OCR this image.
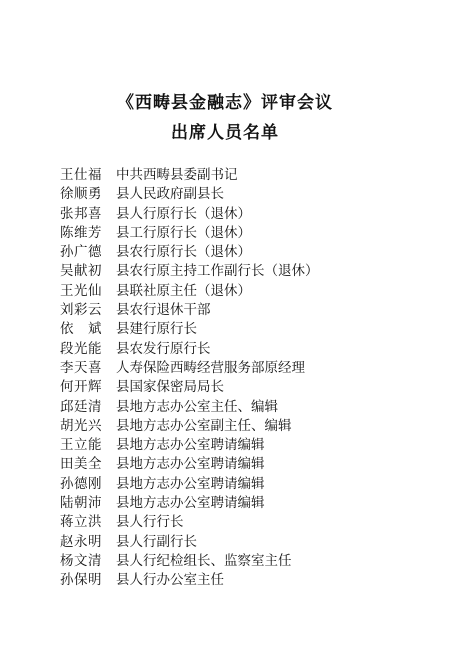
《西畴县金融志》评审会议
出席人员名单
王仕福	中共西畴县委副书记
徐顺勇	县人民政府副县长
张邦喜	县人行原行长（退休）
陈维芳	县工行原行长（退休）
孙广德	县农行原行长（退休）
吴献初	县农行原主持工作副行长（退休）
王光仙	县联社原主任（退休）
刘彩云	县农行退休干部
依　斌	县建行原行长
段光能	县农发行原行长
李天喜	人寿保险西畴经营服务部原经理
何开辉	县国家保密局局长
邱廷清	县地方志办公室主任、编辑
胡光兴	县地方志办公室副主任、编辑
王立能	县地方志办公室聘请编辑
田美全	县地方志办公室聘请编辑
孙德刚	县地方志办公室聘请编辑
陆朝沛	县地方志办公室聘请编辑
蒋立洪	县人行行长
赵永明	县人行副行长
杨文清	县人行纪检组长、监察室主任
孙保明	县人行办公室主任
